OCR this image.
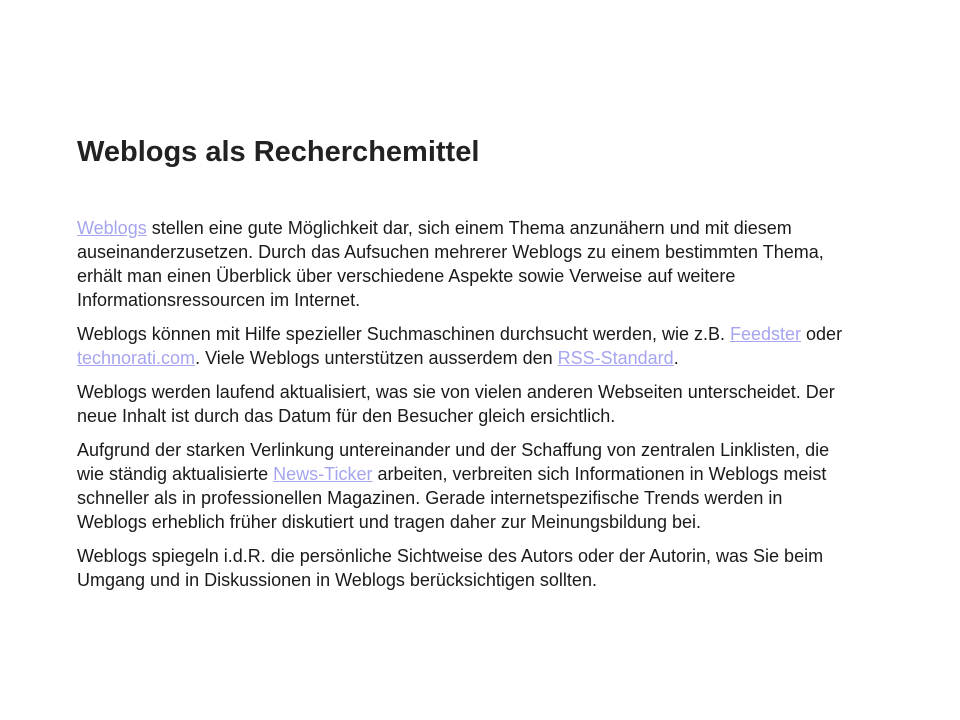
Weblogs als Recherchemittel

Weblogs stellen eine gute Möglichkeit dar, sich einem Thema anzunähern und mit diesem auseinanderzusetzen. Durch das Aufsuchen mehrerer Weblogs zu einem bestimmten Thema, erhält man einen Überblick über verschiedene Aspekte sowie Verweise auf weitere Informationsressourcen im Internet.

Weblogs können mit Hilfe spezieller Suchmaschinen durchsucht werden, wie z.B. Feedster oder technorati.com. Viele Weblogs unterstützen ausserdem den RSS-Standard.

Weblogs werden laufend aktualisiert, was sie von vielen anderen Webseiten unterscheidet. Der neue Inhalt ist durch das Datum für den Besucher gleich ersichtlich.

Aufgrund der starken Verlinkung untereinander und der Schaffung von zentralen Linklisten, die wie ständig aktualisierte News-Ticker arbeiten, verbreiten sich Informationen in Weblogs meist schneller als in professionellen Magazinen. Gerade internetspezifische Trends werden in Weblogs erheblich früher diskutiert und tragen daher zur Meinungsbildung bei.

Weblogs spiegeln i.d.R. die persönliche Sichtweise des Autors oder der Autorin, was Sie beim Umgang und in Diskussionen in Weblogs berücksichtigen sollten.
